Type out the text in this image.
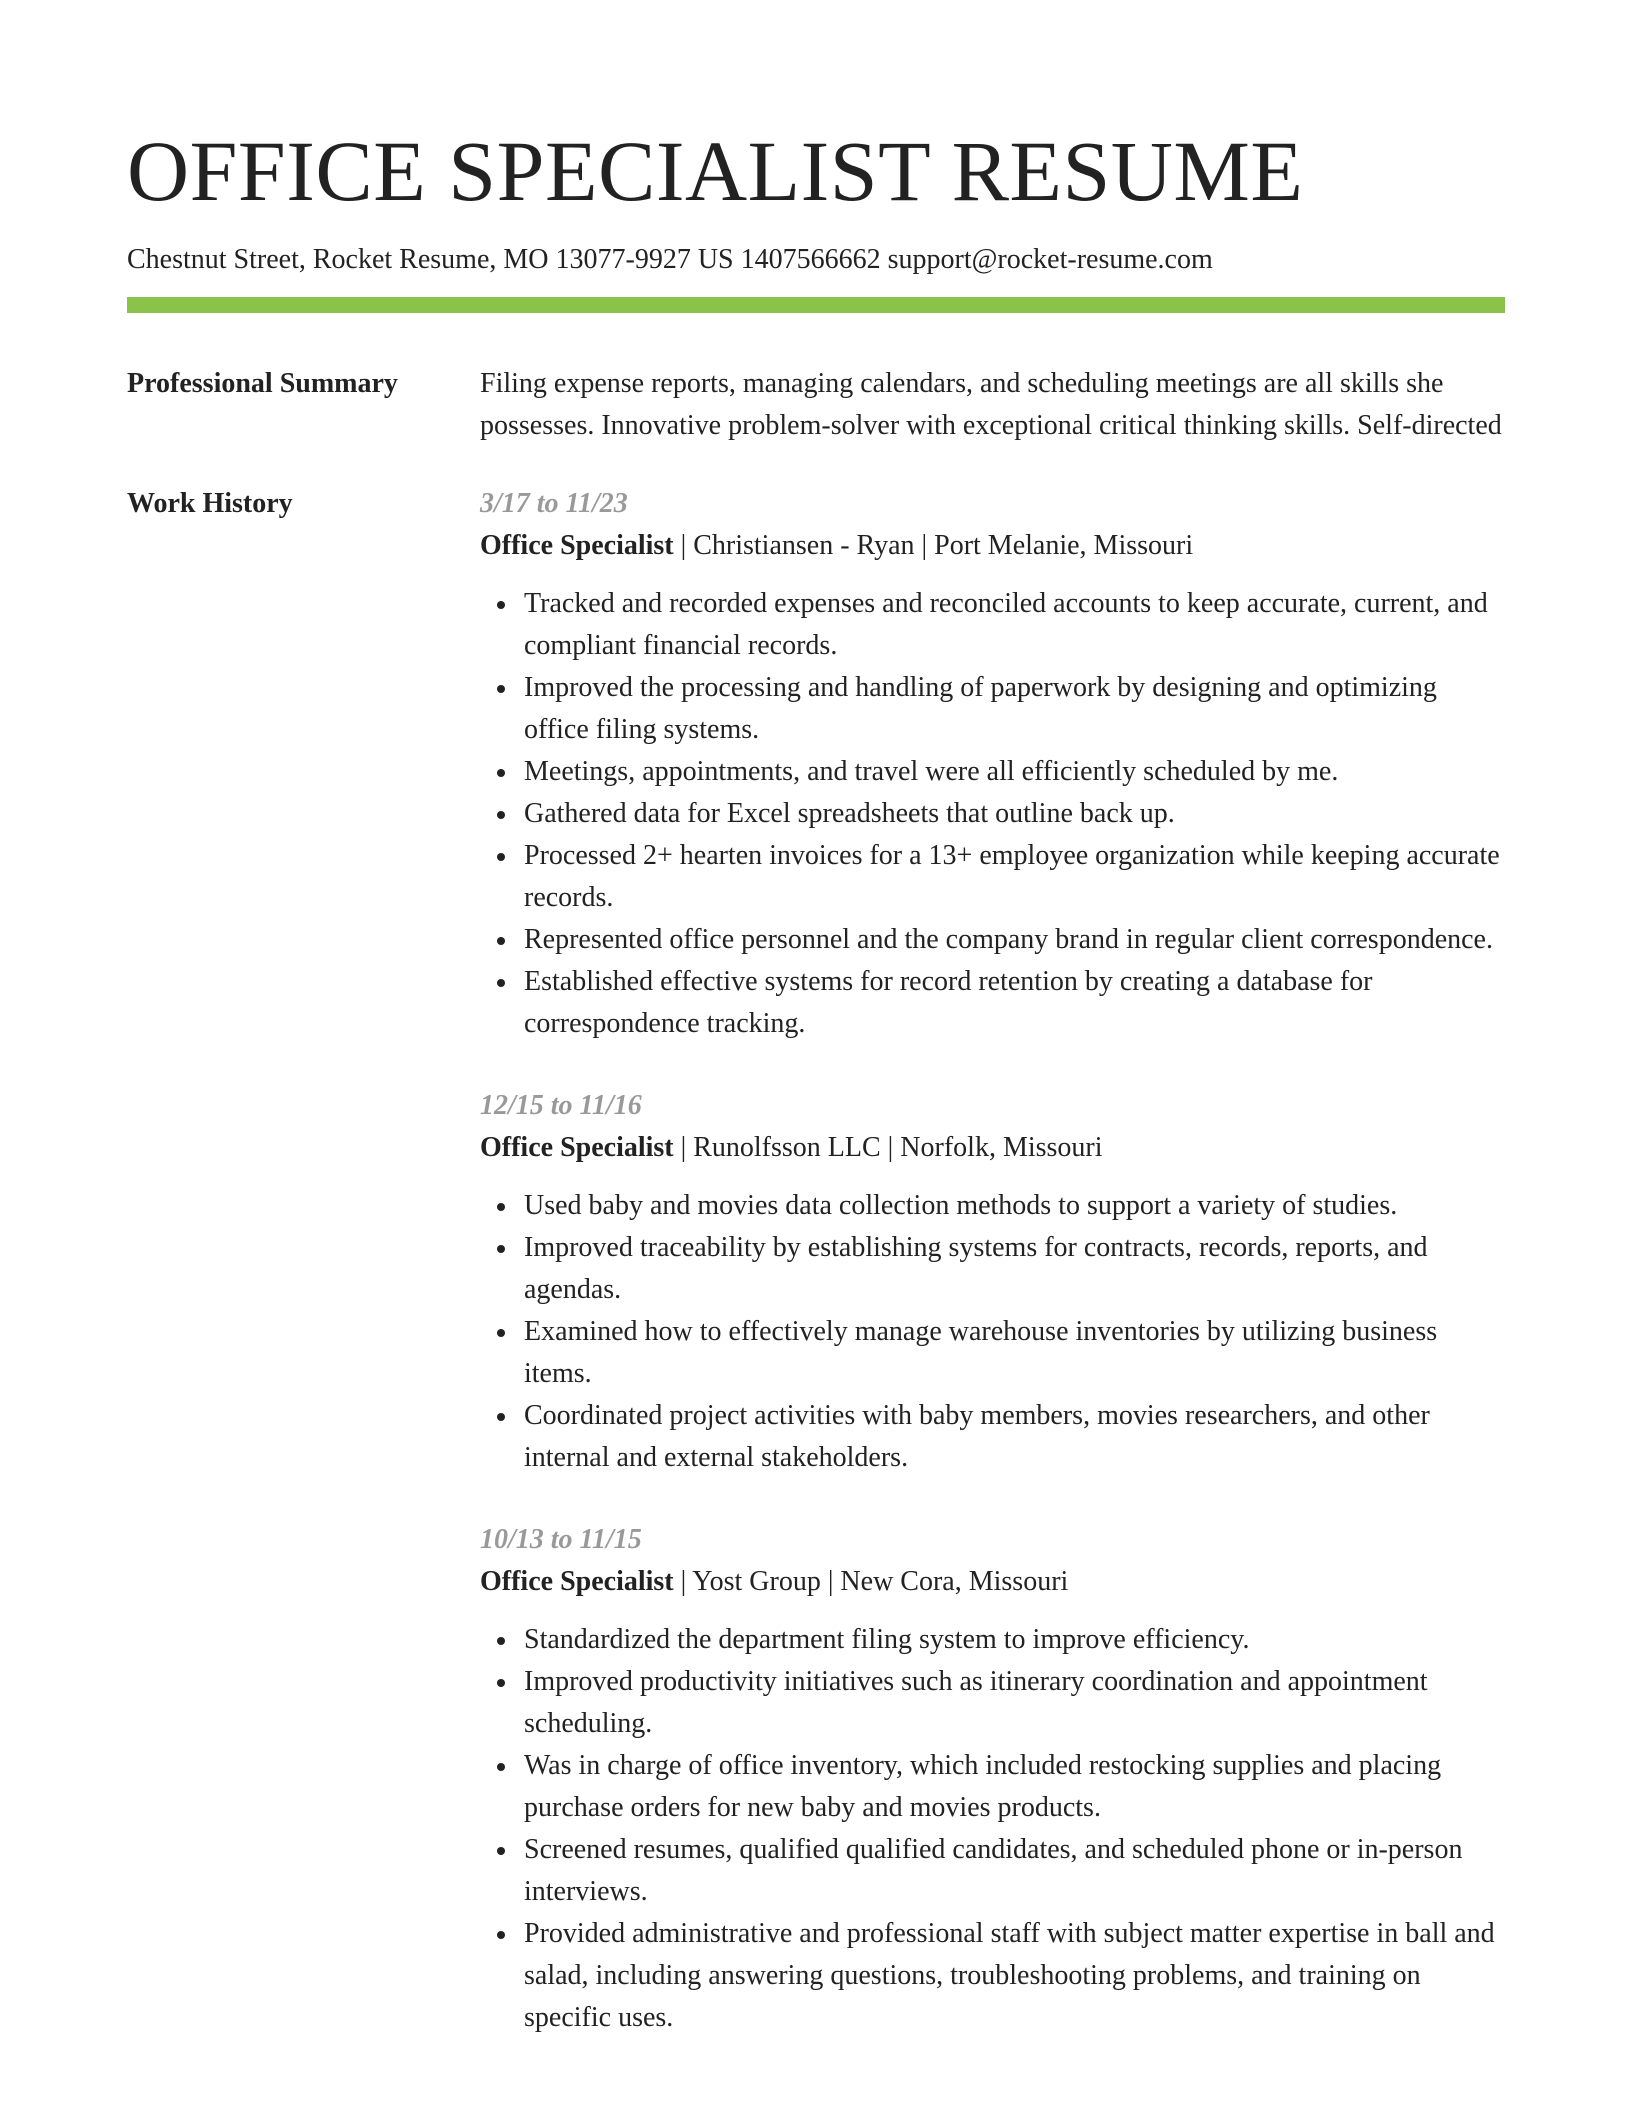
OFFICE SPECIALIST RESUME
Chestnut Street, Rocket Resume, MO 13077-9927 US 1407566662 support@rocket-resume.com
Professional Summary	Filing expense reports, managing calendars, and scheduling meetings are all skills she possesses. Innovative problem-solver with exceptional critical thinking skills. Self-directed

Work History	3/17 to 11/23
Office Specialist | Christiansen - Ryan | Port Melanie, Missouri
Tracked and recorded expenses and reconciled accounts to keep accurate, current, and compliant financial records.
Improved the processing and handling of paperwork by designing and optimizing office filing systems.
Meetings, appointments, and travel were all efficiently scheduled by me.
Gathered data for Excel spreadsheets that outline back up.
Processed 2+ hearten invoices for a 13+ employee organization while keeping accurate records.
Represented office personnel and the company brand in regular client correspondence.
Established effective systems for record retention by creating a database for correspondence tracking.
12/15 to 11/16
Office Specialist | Runolfsson LLC | Norfolk, Missouri
Used baby and movies data collection methods to support a variety of studies.
Improved traceability by establishing systems for contracts, records, reports, and agendas.
Examined how to effectively manage warehouse inventories by utilizing business items.
Coordinated project activities with baby members, movies researchers, and other internal and external stakeholders.
10/13 to 11/15
Office Specialist | Yost Group | New Cora, Missouri
Standardized the department filing system to improve efficiency.
Improved productivity initiatives such as itinerary coordination and appointment scheduling.
Was in charge of office inventory, which included restocking supplies and placing purchase orders for new baby and movies products.
Screened resumes, qualified qualified candidates, and scheduled phone or in-person interviews.
Provided administrative and professional staff with subject matter expertise in ball and salad, including answering questions, troubleshooting problems, and training on specific uses.
